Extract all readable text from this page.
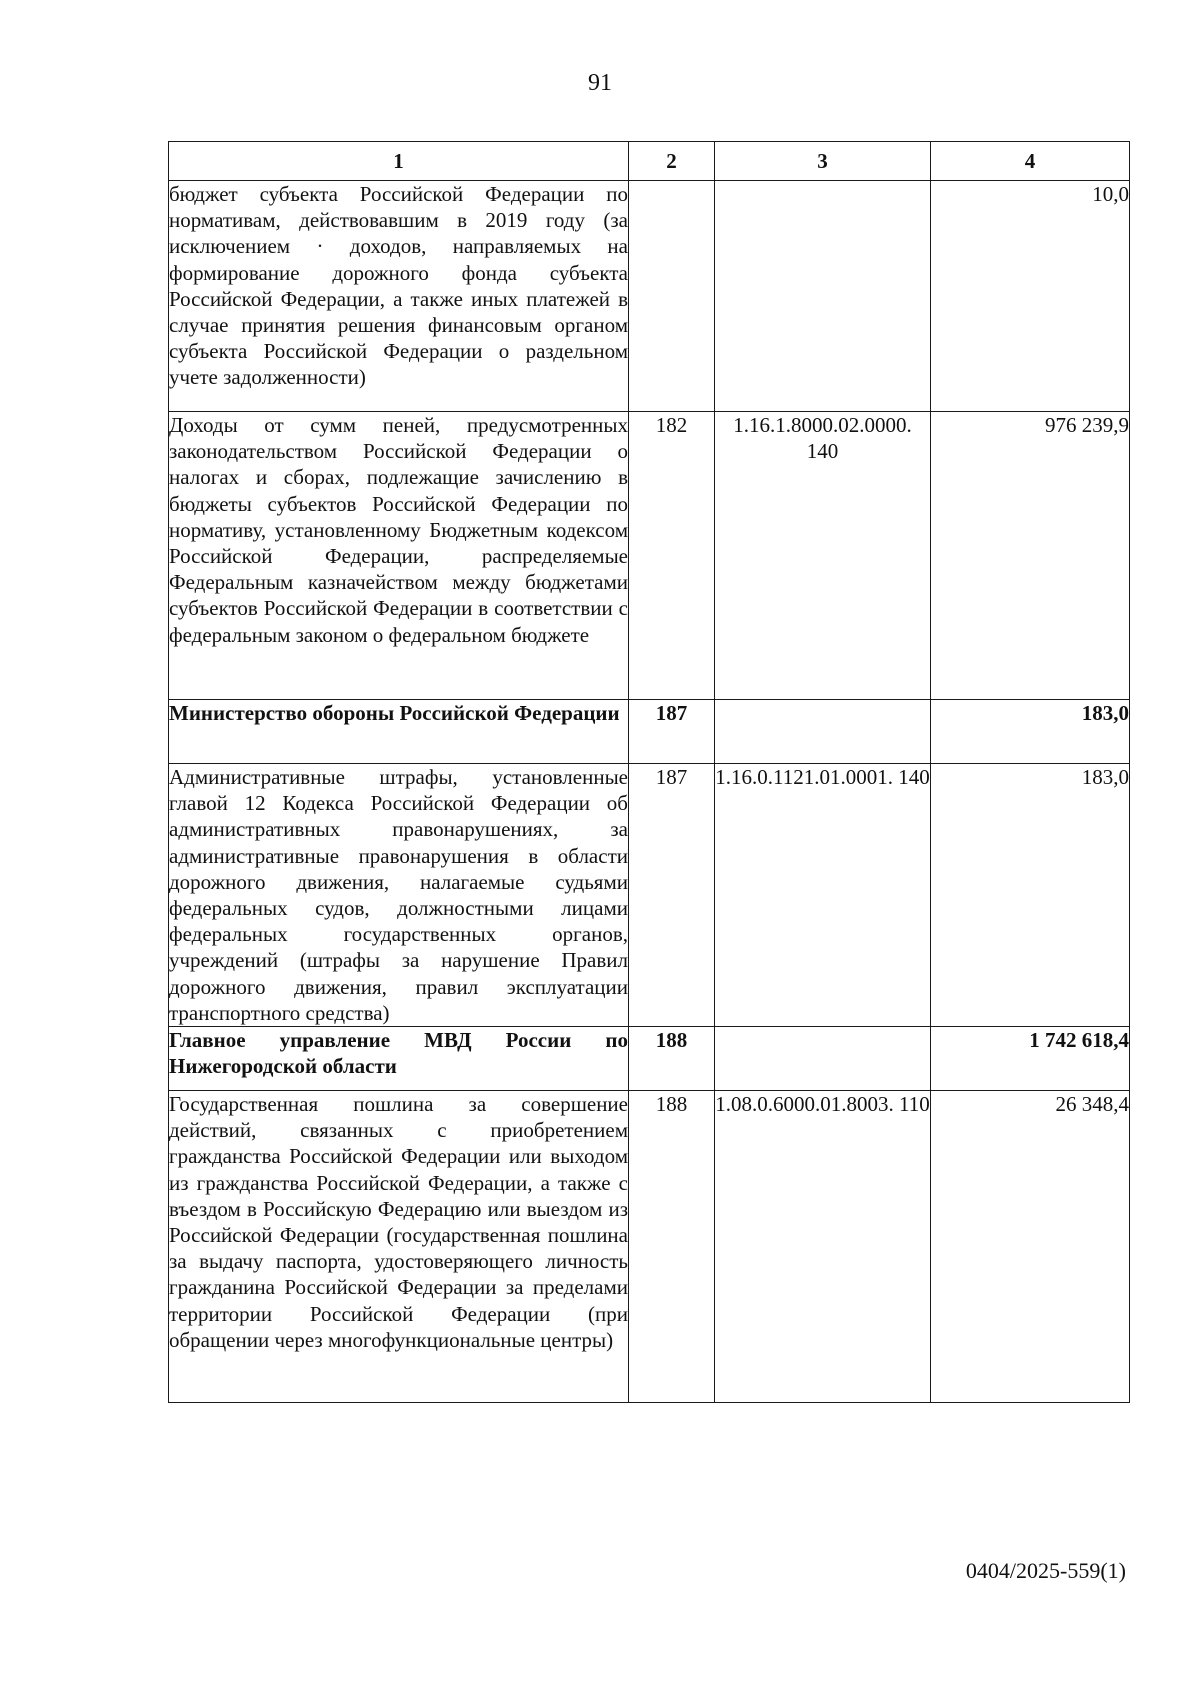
91
1	2	3	4
бюджет субъекта Российской Федерации по нормативам, действовавшим в 2019 году (за исключением · доходов, направляемых на формирование дорожного фонда субъекта Российской Федерации, а также иных платежей в случае принятия решения финансовым органом субъекта Российской Федерации о раздельном учете задолженности)			10,0
Доходы от сумм пеней, предусмотренных законодательством Российской Федерации о налогах и сборах, подлежащие зачислению в бюджеты субъектов Российской Федерации по нормативу, установленному Бюджетным кодексом Российской Федерации, распределяемые Федеральным казначейством между бюджетами субъектов Российской Федерации в соответствии с федеральным законом о федеральном бюджете	182	1.16.1.8000.02.0000. 140	976 239,9
Министерство обороны Российской Федерации	187		183,0
Административные штрафы, установленные главой 12 Кодекса Российской Федерации об административных правонарушениях, за административные правонарушения в области дорожного движения, налагаемые судьями федеральных судов, должностными лицами федеральных государственных органов, учреждений (штрафы за нарушение Правил дорожного движения, правил эксплуатации транспортного средства)	187	1.16.0.1121.01.0001. 140	183,0
Главное управление МВД России по Нижегородской области	188		1 742 618,4
Государственная пошлина за совершение действий, связанных с приобретением гражданства Российской Федерации или выходом из гражданства Российской Федерации, а также с въездом в Российскую Федерацию или выездом из Российской Федерации (государственная пошлина за выдачу паспорта, удостоверяющего личность гражданина Российской Федерации за пределами территории Российской Федерации (при обращении через многофункциональные центры)	188	1.08.0.6000.01.8003. 110	26 348,4
0404/2025-559(1)
